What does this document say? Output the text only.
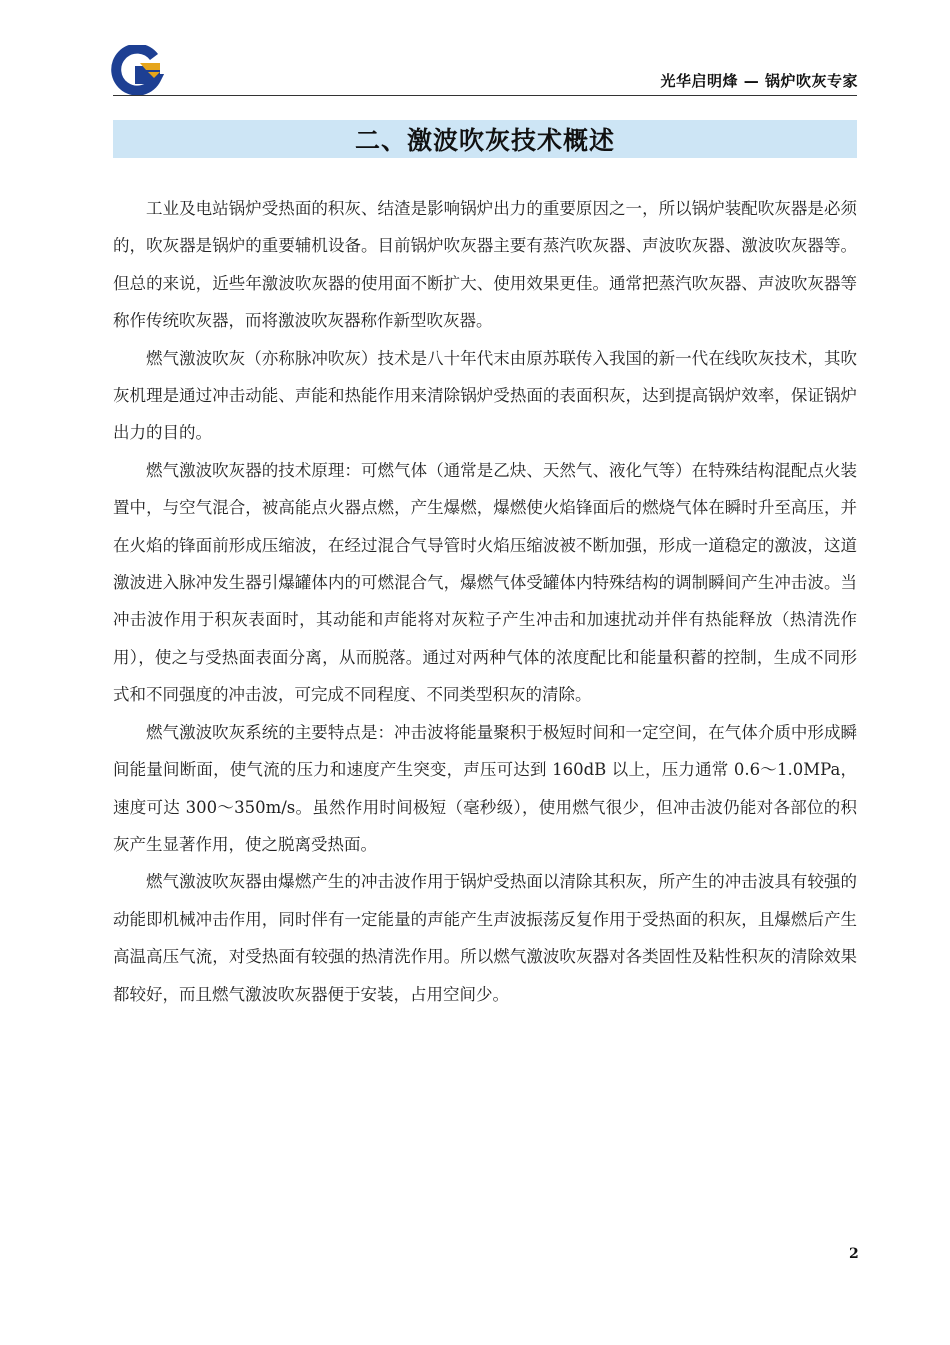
光华启明烽 — 锅炉吹灰专家
二、激波吹灰技术概述

工业及电站锅炉受热面的积灰、结渣是影响锅炉出力的重要原因之一，所以锅炉装配吹灰器是必须的，吹灰器是锅炉的重要辅机设备。目前锅炉吹灰器主要有蒸汽吹灰器、声波吹灰器、激波吹灰器等。但总的来说，近些年激波吹灰器的使用面不断扩大、使用效果更佳。通常把蒸汽吹灰器、声波吹灰器等称作传统吹灰器，而将激波吹灰器称作新型吹灰器。

燃气激波吹灰（亦称脉冲吹灰）技术是八十年代末由原苏联传入我国的新一代在线吹灰技术，其吹灰机理是通过冲击动能、声能和热能作用来清除锅炉受热面的表面积灰，达到提高锅炉效率，保证锅炉出力的目的。

燃气激波吹灰器的技术原理：可燃气体（通常是乙炔、天然气、液化气等）在特殊结构混配点火装置中，与空气混合，被高能点火器点燃，产生爆燃，爆燃使火焰锋面后的燃烧气体在瞬时升至高压，并在火焰的锋面前形成压缩波，在经过混合气导管时火焰压缩波被不断加强，形成一道稳定的激波，这道激波进入脉冲发生器引爆罐体内的可燃混合气，爆燃气体受罐体内特殊结构的调制瞬间产生冲击波。当冲击波作用于积灰表面时，其动能和声能将对灰粒子产生冲击和加速扰动并伴有热能释放（热清洗作用），使之与受热面表面分离，从而脱落。通过对两种气体的浓度配比和能量积蓄的控制，生成不同形式和不同强度的冲击波，可完成不同程度、不同类型积灰的清除。

燃气激波吹灰系统的主要特点是：冲击波将能量聚积于极短时间和一定空间，在气体介质中形成瞬间能量间断面，使气流的压力和速度产生突变，声压可达到 160dB 以上，压力通常 0.6～1.0MPa，速度可达 300～350m/s。虽然作用时间极短（毫秒级），使用燃气很少，但冲击波仍能对各部位的积灰产生显著作用，使之脱离受热面。

燃气激波吹灰器由爆燃产生的冲击波作用于锅炉受热面以清除其积灰，所产生的冲击波具有较强的动能即机械冲击作用，同时伴有一定能量的声能产生声波振荡反复作用于受热面的积灰，且爆燃后产生高温高压气流，对受热面有较强的热清洗作用。所以燃气激波吹灰器对各类固性及粘性积灰的清除效果都较好，而且燃气激波吹灰器便于安装，占用空间少。

2
